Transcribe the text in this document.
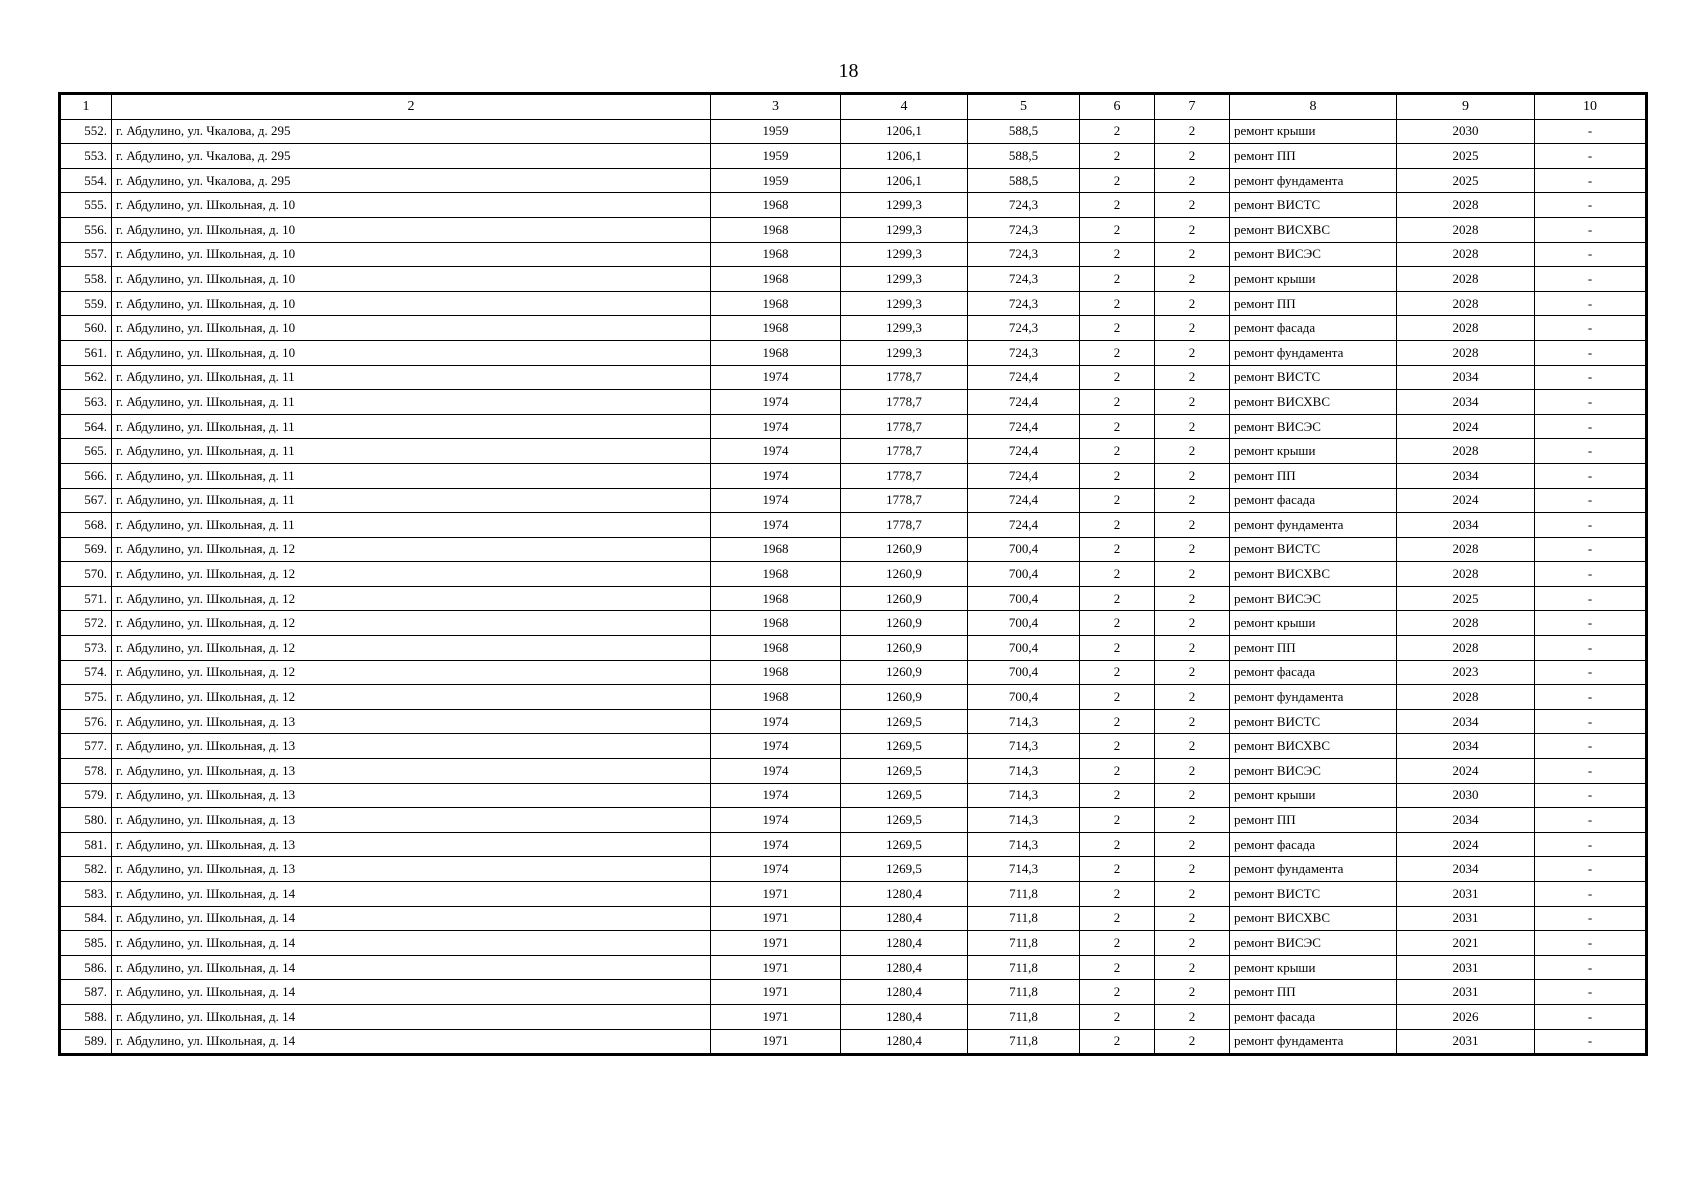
18
1	2	3	4	5	6	7	8	9	10
552.	г. Абдулино, ул. Чкалова, д. 295	1959	1206,1	588,5	2	2	ремонт крыши	2030	-
553.	г. Абдулино, ул. Чкалова, д. 295	1959	1206,1	588,5	2	2	ремонт ПП	2025	-
554.	г. Абдулино, ул. Чкалова, д. 295	1959	1206,1	588,5	2	2	ремонт фундамента	2025	-
555.	г. Абдулино, ул. Школьная, д. 10	1968	1299,3	724,3	2	2	ремонт ВИСТС	2028	-
556.	г. Абдулино, ул. Школьная, д. 10	1968	1299,3	724,3	2	2	ремонт ВИСХВС	2028	-
557.	г. Абдулино, ул. Школьная, д. 10	1968	1299,3	724,3	2	2	ремонт ВИСЭС	2028	-
558.	г. Абдулино, ул. Школьная, д. 10	1968	1299,3	724,3	2	2	ремонт крыши	2028	-
559.	г. Абдулино, ул. Школьная, д. 10	1968	1299,3	724,3	2	2	ремонт ПП	2028	-
560.	г. Абдулино, ул. Школьная, д. 10	1968	1299,3	724,3	2	2	ремонт фасада	2028	-
561.	г. Абдулино, ул. Школьная, д. 10	1968	1299,3	724,3	2	2	ремонт фундамента	2028	-
562.	г. Абдулино, ул. Школьная, д. 11	1974	1778,7	724,4	2	2	ремонт ВИСТС	2034	-
563.	г. Абдулино, ул. Школьная, д. 11	1974	1778,7	724,4	2	2	ремонт ВИСХВС	2034	-
564.	г. Абдулино, ул. Школьная, д. 11	1974	1778,7	724,4	2	2	ремонт ВИСЭС	2024	-
565.	г. Абдулино, ул. Школьная, д. 11	1974	1778,7	724,4	2	2	ремонт крыши	2028	-
566.	г. Абдулино, ул. Школьная, д. 11	1974	1778,7	724,4	2	2	ремонт ПП	2034	-
567.	г. Абдулино, ул. Школьная, д. 11	1974	1778,7	724,4	2	2	ремонт фасада	2024	-
568.	г. Абдулино, ул. Школьная, д. 11	1974	1778,7	724,4	2	2	ремонт фундамента	2034	-
569.	г. Абдулино, ул. Школьная, д. 12	1968	1260,9	700,4	2	2	ремонт ВИСТС	2028	-
570.	г. Абдулино, ул. Школьная, д. 12	1968	1260,9	700,4	2	2	ремонт ВИСХВС	2028	-
571.	г. Абдулино, ул. Школьная, д. 12	1968	1260,9	700,4	2	2	ремонт ВИСЭС	2025	-
572.	г. Абдулино, ул. Школьная, д. 12	1968	1260,9	700,4	2	2	ремонт крыши	2028	-
573.	г. Абдулино, ул. Школьная, д. 12	1968	1260,9	700,4	2	2	ремонт ПП	2028	-
574.	г. Абдулино, ул. Школьная, д. 12	1968	1260,9	700,4	2	2	ремонт фасада	2023	-
575.	г. Абдулино, ул. Школьная, д. 12	1968	1260,9	700,4	2	2	ремонт фундамента	2028	-
576.	г. Абдулино, ул. Школьная, д. 13	1974	1269,5	714,3	2	2	ремонт ВИСТС	2034	-
577.	г. Абдулино, ул. Школьная, д. 13	1974	1269,5	714,3	2	2	ремонт ВИСХВС	2034	-
578.	г. Абдулино, ул. Школьная, д. 13	1974	1269,5	714,3	2	2	ремонт ВИСЭС	2024	-
579.	г. Абдулино, ул. Школьная, д. 13	1974	1269,5	714,3	2	2	ремонт крыши	2030	-
580.	г. Абдулино, ул. Школьная, д. 13	1974	1269,5	714,3	2	2	ремонт ПП	2034	-
581.	г. Абдулино, ул. Школьная, д. 13	1974	1269,5	714,3	2	2	ремонт фасада	2024	-
582.	г. Абдулино, ул. Школьная, д. 13	1974	1269,5	714,3	2	2	ремонт фундамента	2034	-
583.	г. Абдулино, ул. Школьная, д. 14	1971	1280,4	711,8	2	2	ремонт ВИСТС	2031	-
584.	г. Абдулино, ул. Школьная, д. 14	1971	1280,4	711,8	2	2	ремонт ВИСХВС	2031	-
585.	г. Абдулино, ул. Школьная, д. 14	1971	1280,4	711,8	2	2	ремонт ВИСЭС	2021	-
586.	г. Абдулино, ул. Школьная, д. 14	1971	1280,4	711,8	2	2	ремонт крыши	2031	-
587.	г. Абдулино, ул. Школьная, д. 14	1971	1280,4	711,8	2	2	ремонт ПП	2031	-
588.	г. Абдулино, ул. Школьная, д. 14	1971	1280,4	711,8	2	2	ремонт фасада	2026	-
589.	г. Абдулино, ул. Школьная, д. 14	1971	1280,4	711,8	2	2	ремонт фундамента	2031	-
